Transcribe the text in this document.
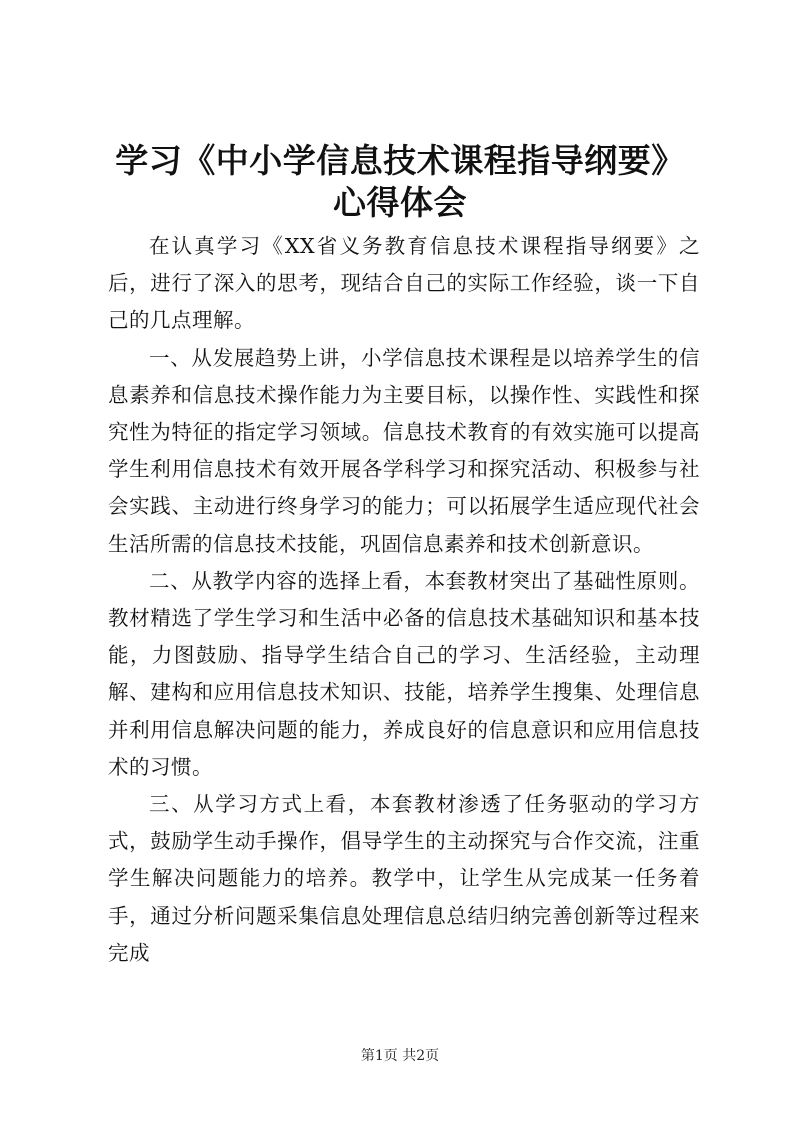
学习《中小学信息技术课程指导纲要》心得体会

在认真学习《XX省义务教育信息技术课程指导纲要》之后，进行了深入的思考，现结合自己的实际工作经验，谈一下自己的几点理解。

一、从发展趋势上讲，小学信息技术课程是以培养学生的信息素养和信息技术操作能力为主要目标，以操作性、实践性和探究性为特征的指定学习领域。信息技术教育的有效实施可以提高学生利用信息技术有效开展各学科学习和探究活动、积极参与社会实践、主动进行终身学习的能力；可以拓展学生适应现代社会生活所需的信息技术技能，巩固信息素养和技术创新意识。

二、从教学内容的选择上看，本套教材突出了基础性原则。教材精选了学生学习和生活中必备的信息技术基础知识和基本技能，力图鼓励、指导学生结合自己的学习、生活经验，主动理解、建构和应用信息技术知识、技能，培养学生搜集、处理信息并利用信息解决问题的能力，养成良好的信息意识和应用信息技术的习惯。

三、从学习方式上看，本套教材渗透了任务驱动的学习方式，鼓励学生动手操作，倡导学生的主动探究与合作交流，注重学生解决问题能力的培养。教学中，让学生从完成某一任务着手，通过分析问题采集信息处理信息总结归纳完善创新等过程来完成

第1页 共2页
